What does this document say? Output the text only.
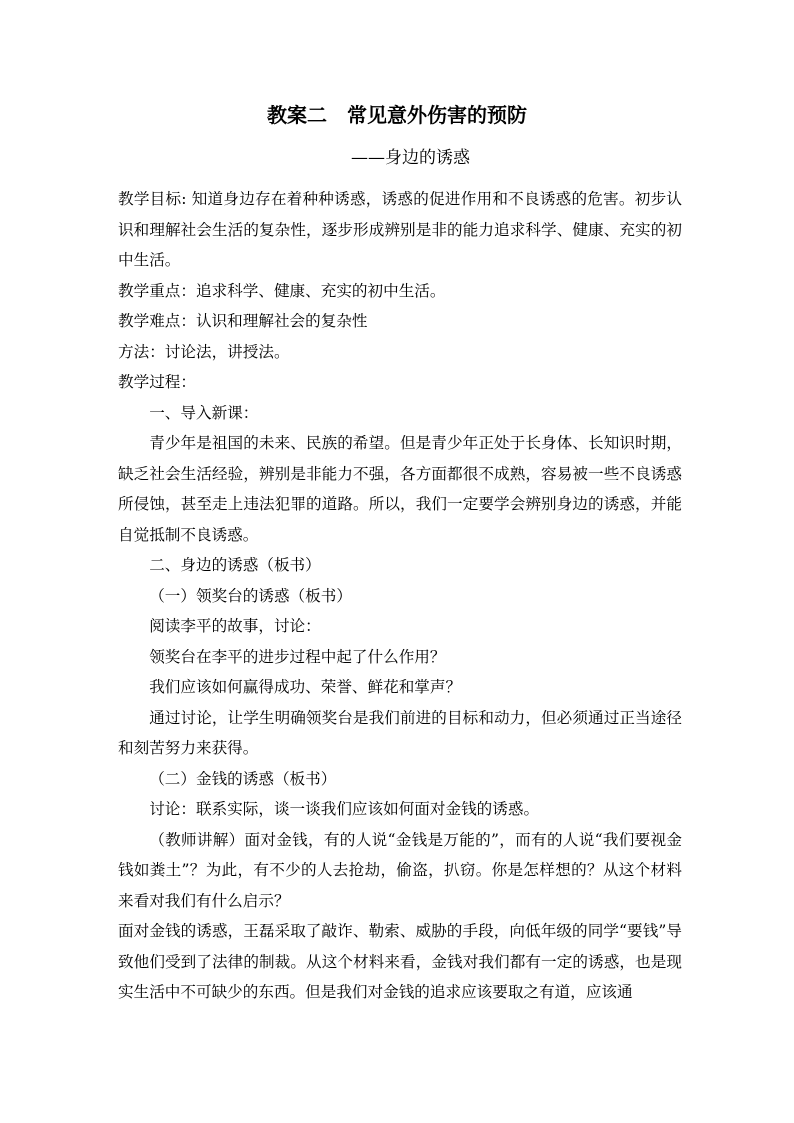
教案二　常见意外伤害的预防
——身边的诱惑

教学目标: 知道身边存在着种种诱惑，诱惑的促进作用和不良诱惑的危害。初步认识和理解社会生活的复杂性，逐步形成辨别是非的能力追求科学、健康、充实的初中生活。

教学重点：追求科学、健康、充实的初中生活。

教学难点：认识和理解社会的复杂性

方法：讨论法，讲授法。

教学过程：

一、导入新课：

青少年是祖国的未来、民族的希望。但是青少年正处于长身体、长知识时期，缺乏社会生活经验，辨别是非能力不强，各方面都很不成熟，容易被一些不良诱惑所侵蚀，甚至走上违法犯罪的道路。所以，我们一定要学会辨别身边的诱惑，并能自觉抵制不良诱惑。

二、身边的诱惑（板书）

（一）领奖台的诱惑（板书）

阅读李平的故事，讨论：

领奖台在李平的进步过程中起了什么作用？

我们应该如何赢得成功、荣誉、鲜花和掌声？

通过讨论，让学生明确领奖台是我们前进的目标和动力，但必须通过正当途径和刻苦努力来获得。

（二）金钱的诱惑（板书）

讨论：联系实际，谈一谈我们应该如何面对金钱的诱惑。

（教师讲解）面对金钱，有的人说“金钱是万能的”，而有的人说“我们要视金钱如粪土”？为此，有不少的人去抢劫，偷盗，扒窃。你是怎样想的？从这个材料来看对我们有什么启示？

面对金钱的诱惑，王磊采取了敲诈、勒索、威胁的手段，向低年级的同学“要钱”导致他们受到了法律的制裁。从这个材料来看，金钱对我们都有一定的诱惑，也是现实生活中不可缺少的东西。但是我们对金钱的追求应该要取之有道，应该通
